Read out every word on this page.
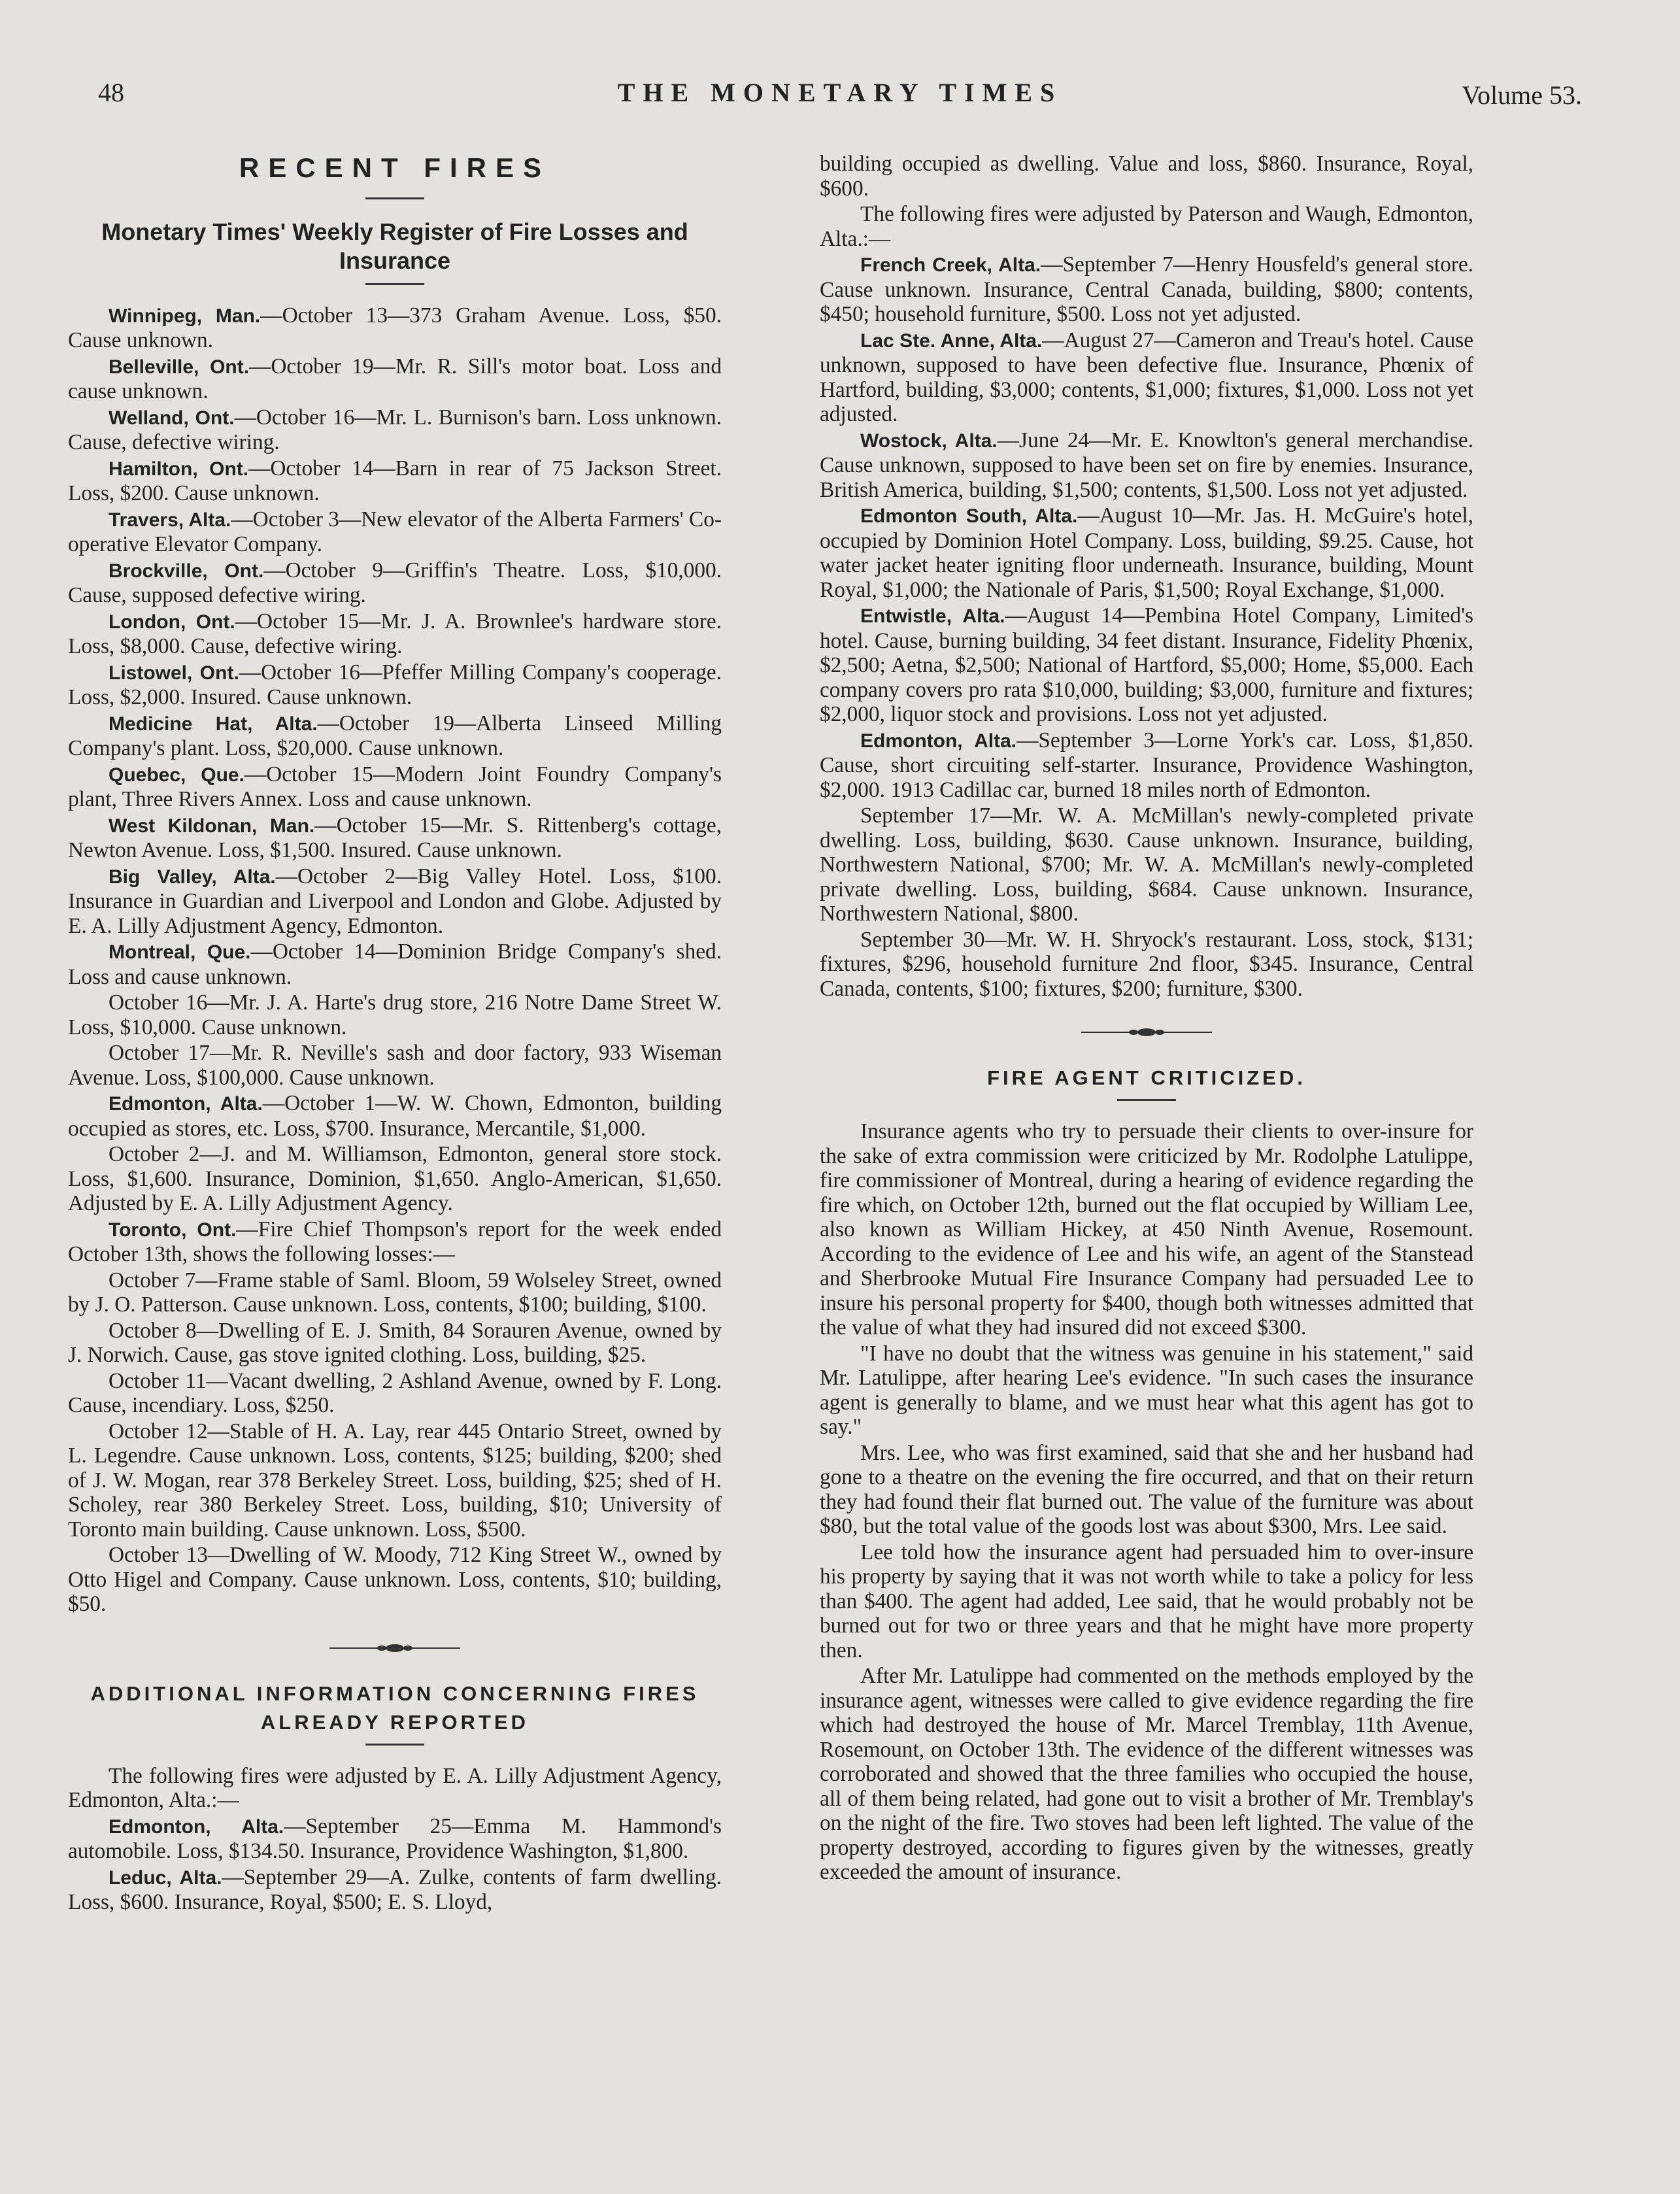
48	THE MONETARY TIMES	Volume 53.
RECENT FIRES
Monetary Times' Weekly Register of Fire Losses and Insurance

Winnipeg, Man.—October 13—373 Graham Avenue. Loss, $50. Cause unknown.

Belleville, Ont.—October 19—Mr. R. Sill's motor boat. Loss and cause unknown.

Welland, Ont.—October 16—Mr. L. Burnison's barn. Loss unknown. Cause, defective wiring.

Hamilton, Ont.—October 14—Barn in rear of 75 Jackson Street. Loss, $200. Cause unknown.

Travers, Alta.—October 3—New elevator of the Alberta Farmers' Co-operative Elevator Company.

Brockville, Ont.—October 9—Griffin's Theatre. Loss, $10,000. Cause, supposed defective wiring.

London, Ont.—October 15—Mr. J. A. Brownlee's hardware store. Loss, $8,000. Cause, defective wiring.

Listowel, Ont.—October 16—Pfeffer Milling Company's cooperage. Loss, $2,000. Insured. Cause unknown.

Medicine Hat, Alta.—October 19—Alberta Linseed Milling Company's plant. Loss, $20,000. Cause unknown.

Quebec, Que.—October 15—Modern Joint Foundry Company's plant, Three Rivers Annex. Loss and cause unknown.

West Kildonan, Man.—October 15—Mr. S. Rittenberg's cottage, Newton Avenue. Loss, $1,500. Insured. Cause unknown.

Big Valley, Alta.—October 2—Big Valley Hotel. Loss, $100. Insurance in Guardian and Liverpool and London and Globe. Adjusted by E. A. Lilly Adjustment Agency, Edmonton.

Montreal, Que.—October 14—Dominion Bridge Company's shed. Loss and cause unknown.

October 16—Mr. J. A. Harte's drug store, 216 Notre Dame Street W. Loss, $10,000. Cause unknown.

October 17—Mr. R. Neville's sash and door factory, 933 Wiseman Avenue. Loss, $100,000. Cause unknown.

Edmonton, Alta.—October 1—W. W. Chown, Edmonton, building occupied as stores, etc. Loss, $700. Insurance, Mercantile, $1,000.

October 2—J. and M. Williamson, Edmonton, general store stock. Loss, $1,600. Insurance, Dominion, $1,650. Anglo-American, $1,650. Adjusted by E. A. Lilly Adjustment Agency.

Toronto, Ont.—Fire Chief Thompson's report for the week ended October 13th, shows the following losses:—

October 7—Frame stable of Saml. Bloom, 59 Wolseley Street, owned by J. O. Patterson. Cause unknown. Loss, contents, $100; building, $100.

October 8—Dwelling of E. J. Smith, 84 Sorauren Avenue, owned by J. Norwich. Cause, gas stove ignited clothing. Loss, building, $25.

October 11—Vacant dwelling, 2 Ashland Avenue, owned by F. Long. Cause, incendiary. Loss, $250.

October 12—Stable of H. A. Lay, rear 445 Ontario Street, owned by L. Legendre. Cause unknown. Loss, contents, $125; building, $200; shed of J. W. Mogan, rear 378 Berkeley Street. Loss, building, $25; shed of H. Scholey, rear 380 Berkeley Street. Loss, building, $10; University of Toronto main building. Cause unknown. Loss, $500.

October 13—Dwelling of W. Moody, 712 King Street W., owned by Otto Higel and Company. Cause unknown. Loss, contents, $10; building, $50.

ADDITIONAL INFORMATION CONCERNING FIRES ALREADY REPORTED

The following fires were adjusted by E. A. Lilly Adjustment Agency, Edmonton, Alta.:—

Edmonton, Alta.—September 25—Emma M. Hammond's automobile. Loss, $134.50. Insurance, Providence Washington, $1,800.

Leduc, Alta.—September 29—A. Zulke, contents of farm dwelling. Loss, $600. Insurance, Royal, $500; E. S. Lloyd,

building occupied as dwelling. Value and loss, $860. Insurance, Royal, $600.

The following fires were adjusted by Paterson and Waugh, Edmonton, Alta.:—

French Creek, Alta.—September 7—Henry Housfeld's general store. Cause unknown. Insurance, Central Canada, building, $800; contents, $450; household furniture, $500. Loss not yet adjusted.

Lac Ste. Anne, Alta.—August 27—Cameron and Treau's hotel. Cause unknown, supposed to have been defective flue. Insurance, Phœnix of Hartford, building, $3,000; contents, $1,000; fixtures, $1,000. Loss not yet adjusted.

Wostock, Alta.—June 24—Mr. E. Knowlton's general merchandise. Cause unknown, supposed to have been set on fire by enemies. Insurance, British America, building, $1,500; contents, $1,500. Loss not yet adjusted.

Edmonton South, Alta.—August 10—Mr. Jas. H. McGuire's hotel, occupied by Dominion Hotel Company. Loss, building, $9.25. Cause, hot water jacket heater igniting floor underneath. Insurance, building, Mount Royal, $1,000; the Nationale of Paris, $1,500; Royal Exchange, $1,000.

Entwistle, Alta.—August 14—Pembina Hotel Company, Limited's hotel. Cause, burning building, 34 feet distant. Insurance, Fidelity Phœnix, $2,500; Aetna, $2,500; National of Hartford, $5,000; Home, $5,000. Each company covers pro rata $10,000, building; $3,000, furniture and fixtures; $2,000, liquor stock and provisions. Loss not yet adjusted.

Edmonton, Alta.—September 3—Lorne York's car. Loss, $1,850. Cause, short circuiting self-starter. Insurance, Providence Washington, $2,000. 1913 Cadillac car, burned 18 miles north of Edmonton.

September 17—Mr. W. A. McMillan's newly-completed private dwelling. Loss, building, $630. Cause unknown. Insurance, building, Northwestern National, $700; Mr. W. A. McMillan's newly-completed private dwelling. Loss, building, $684. Cause unknown. Insurance, Northwestern National, $800.

September 30—Mr. W. H. Shryock's restaurant. Loss, stock, $131; fixtures, $296, household furniture 2nd floor, $345. Insurance, Central Canada, contents, $100; fixtures, $200; furniture, $300.

FIRE AGENT CRITICIZED.

Insurance agents who try to persuade their clients to over-insure for the sake of extra commission were criticized by Mr. Rodolphe Latulippe, fire commissioner of Montreal, during a hearing of evidence regarding the fire which, on October 12th, burned out the flat occupied by William Lee, also known as William Hickey, at 450 Ninth Avenue, Rosemount. According to the evidence of Lee and his wife, an agent of the Stanstead and Sherbrooke Mutual Fire Insurance Company had persuaded Lee to insure his personal property for $400, though both witnesses admitted that the value of what they had insured did not exceed $300.

"I have no doubt that the witness was genuine in his statement," said Mr. Latulippe, after hearing Lee's evidence. "In such cases the insurance agent is generally to blame, and we must hear what this agent has got to say."

Mrs. Lee, who was first examined, said that she and her husband had gone to a theatre on the evening the fire occurred, and that on their return they had found their flat burned out. The value of the furniture was about $80, but the total value of the goods lost was about $300, Mrs. Lee said.

Lee told how the insurance agent had persuaded him to over-insure his property by saying that it was not worth while to take a policy for less than $400. The agent had added, Lee said, that he would probably not be burned out for two or three years and that he might have more property then.

After Mr. Latulippe had commented on the methods employed by the insurance agent, witnesses were called to give evidence regarding the fire which had destroyed the house of Mr. Marcel Tremblay, 11th Avenue, Rosemount, on October 13th. The evidence of the different witnesses was corroborated and showed that the three families who occupied the house, all of them being related, had gone out to visit a brother of Mr. Tremblay's on the night of the fire. Two stoves had been left lighted. The value of the property destroyed, according to figures given by the witnesses, greatly exceeded the amount of insurance.
